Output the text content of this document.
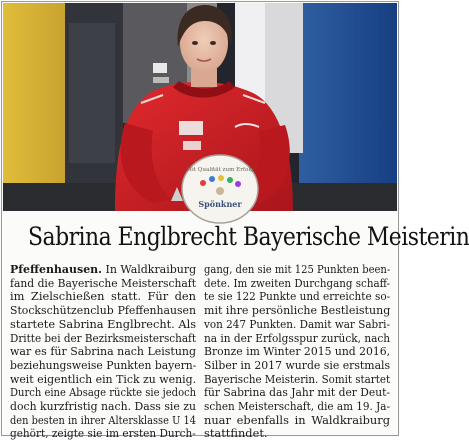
Mit Qualität zum Erfolg
Spönkner
Sabrina Englbrecht Bayerische Meisterin
Pfeffenhausen. In Waldkraiburg
fand die Bayerische Meisterschaft
im Zielschießen statt. Für den
Stockschützenclub Pfeffenhausen
startete Sabrina Englbrecht. Als
Dritte bei der Bezirksmeisterschaft
war es für Sabrina nach Leistung
beziehungsweise Punkten bayern-
weit eigentlich ein Tick zu wenig.
Durch eine Absage rückte sie jedoch
doch kurzfristig nach. Dass sie zu
den besten in ihrer Altersklasse U 14
gehört, zeigte sie im ersten Durch-
gang, den sie mit 125 Punkten been-
dete. Im zweiten Durchgang schaff-
te sie 122 Punkte und erreichte so-
mit ihre persönliche Bestleistung
von 247 Punkten. Damit war Sabri-
na in der Erfolgsspur zurück, nach
Bronze im Winter 2015 und 2016,
Silber in 2017 wurde sie erstmals
Bayerische Meisterin. Somit startet
für Sabrina das Jahr mit der Deut-
schen Meisterschaft, die am 19. Ja-
nuar ebenfalls in Waldkraiburg
stattfindet.
